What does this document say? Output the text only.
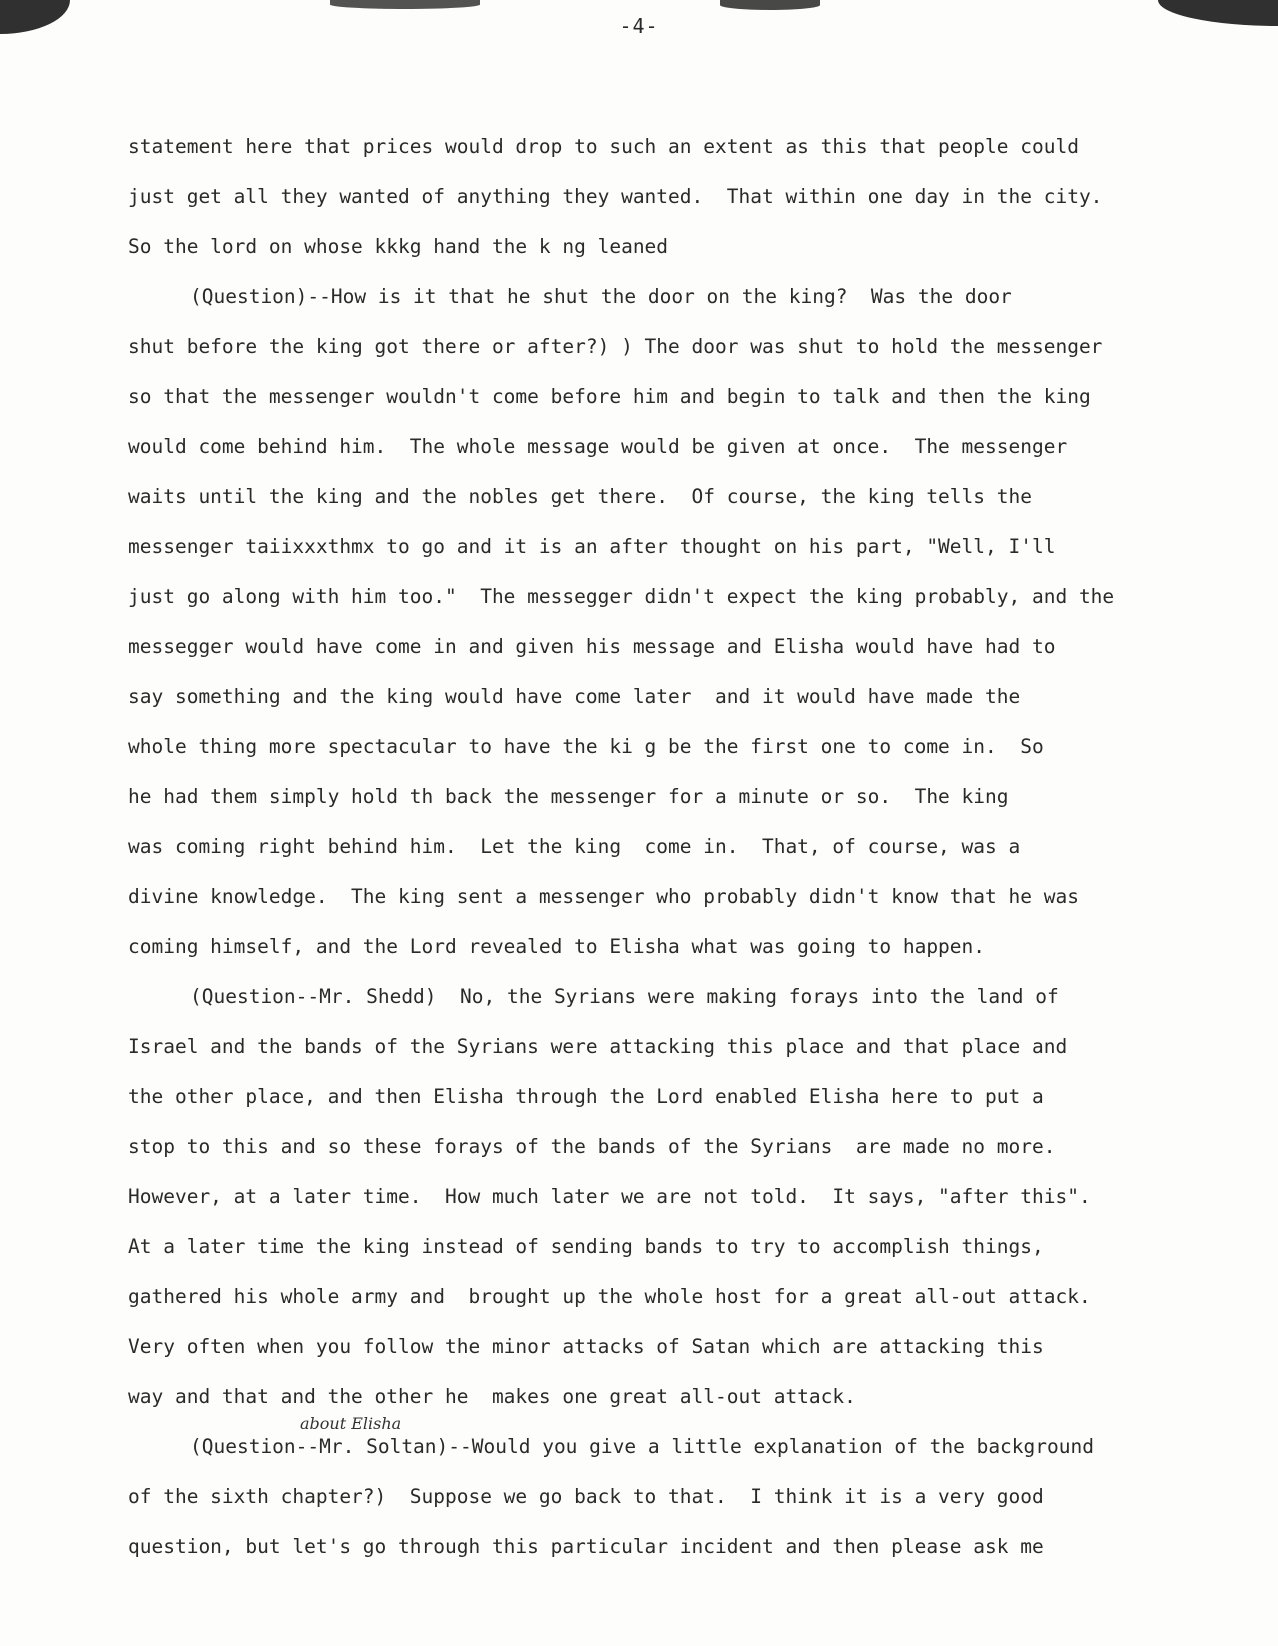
-4-
statement here that prices would drop to such an extent as this that people could
just get all they wanted of anything they wanted.  That within one day in the city.
So the lord on whose kkkg hand the k ng leaned
(Question)--How is it that he shut the door on the king?  Was the door
shut before the king got there or after?) ) The door was shut to hold the messenger
so that the messenger wouldn't come before him and begin to talk and then the king
would come behind him.  The whole message would be given at once.  The messenger
waits until the king and the nobles get there.  Of course, the king tells the
messenger taiixxxthmx to go and it is an after thought on his part, "Well, I'll
just go along with him too."  The messegger didn't expect the king probably, and the
messegger would have come in and given his message and Elisha would have had to
say something and the king would have come later  and it would have made the
whole thing more spectacular to have the ki g be the first one to come in.  So
he had them simply hold th back the messenger for a minute or so.  The king
was coming right behind him.  Let the king  come in.  That, of course, was a
divine knowledge.  The king sent a messenger who probably didn't know that he was
coming himself, and the Lord revealed to Elisha what was going to happen.
(Question--Mr. Shedd)  No, the Syrians were making forays into the land of
Israel and the bands of the Syrians were attacking this place and that place and
the other place, and then Elisha through the Lord enabled Elisha here to put a
stop to this and so these forays of the bands of the Syrians  are made no more.
However, at a later time.  How much later we are not told.  It says, "after this".
At a later time the king instead of sending bands to try to accomplish things,
gathered his whole army and  brought up the whole host for a great all-out attack.
Very often when you follow the minor attacks of Satan which are attacking this
way and that and the other he  makes one great all-out attack.
(Question--Mr. Soltan)--Would you give a little explanation of the background
of the sixth chapter?)  Suppose we go back to that.  I think it is a very good
question, but let's go through this particular incident and then please ask me
about Elisha
